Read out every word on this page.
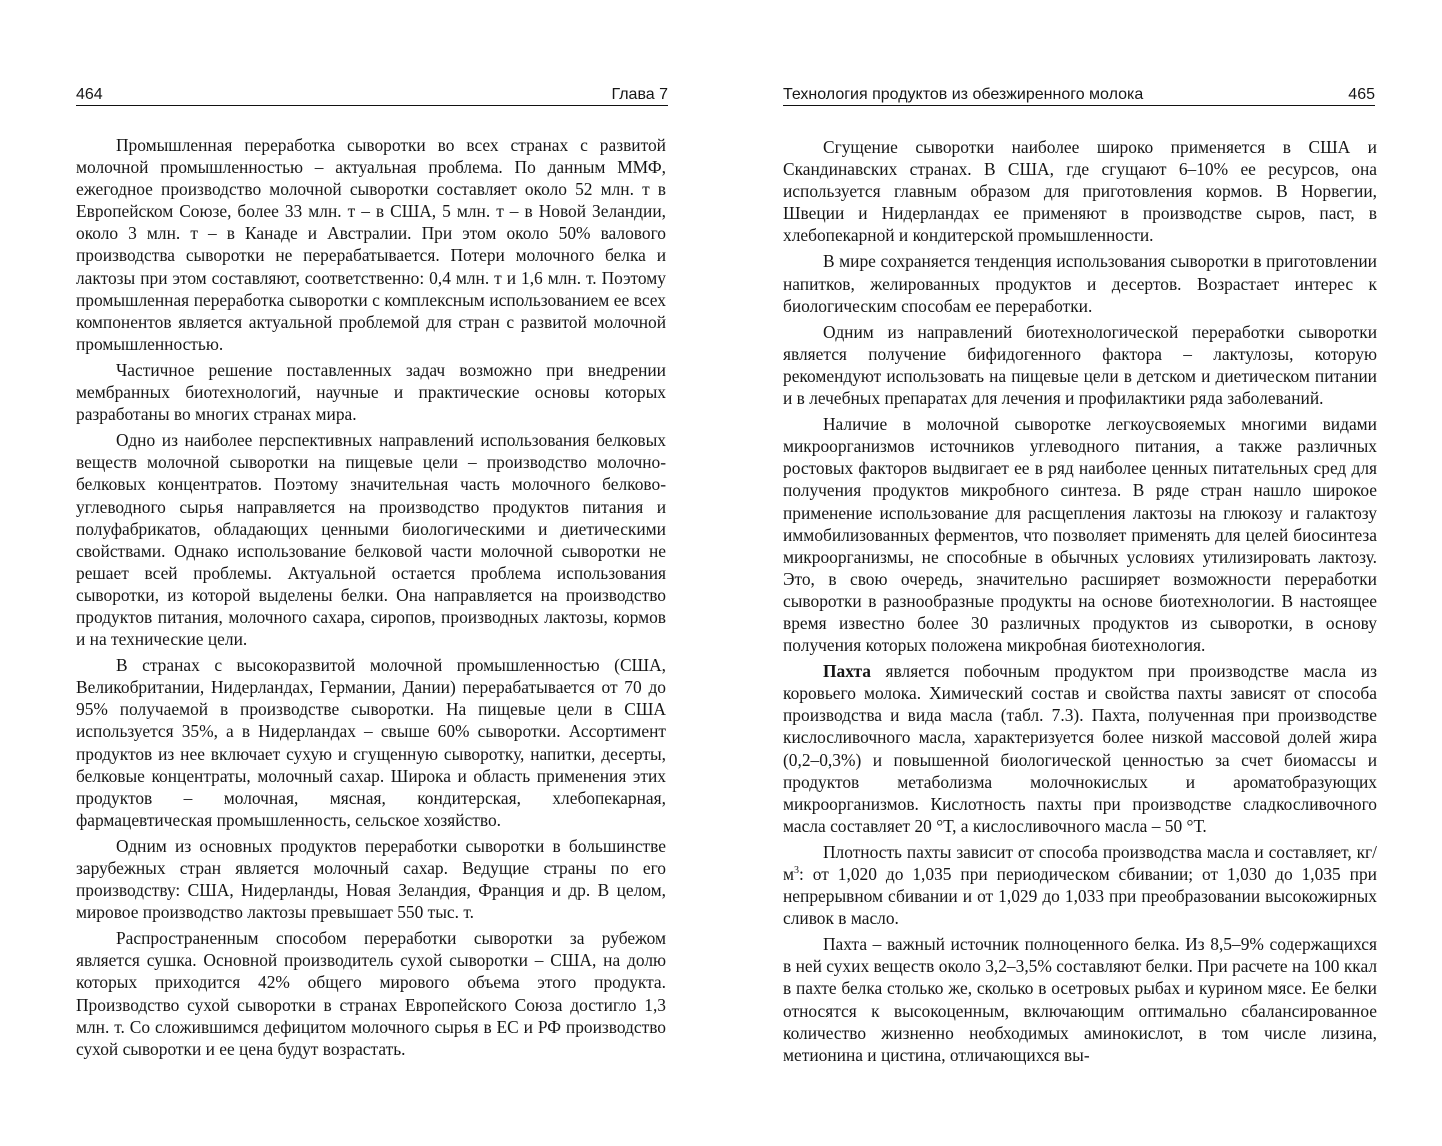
464	Глава 7

Промышленная переработка сыворотки во всех странах с развитой молочной промышленностью – актуальная проблема. По данным ММФ, ежегодное производство молочной сыворотки составляет около 52 млн. т в Европейском Союзе, более 33 млн. т – в США, 5 млн. т – в Новой Зеландии, около 3 млн. т – в Канаде и Австралии. При этом около 50% валового производства сыворотки не перерабатывается. Потери молочного белка и лактозы при этом составляют, соответственно: 0,4 млн. т и 1,6 млн. т. Поэтому промышленная переработка сыворотки с комплексным использованием ее всех компонентов является актуальной проблемой для стран с развитой молочной промышленностью.

Частичное решение поставленных задач возможно при внедрении мембранных биотехнологий, научные и практические основы которых разработаны во многих странах мира.

Одно из наиболее перспективных направлений использования белковых веществ молочной сыворотки на пищевые цели – производство молочно-белковых концентратов. Поэтому значительная часть молочного белково-углеводного сырья направляется на производство продуктов питания и полуфабрикатов, обладающих ценными биологическими и диетическими свойствами. Однако использование белковой части молочной сыворотки не решает всей проблемы. Актуальной остается проблема использования сыворотки, из которой выделены белки. Она направляется на производство продуктов питания, молочного сахара, сиропов, производных лактозы, кормов и на технические цели.

В странах с высокоразвитой молочной промышленностью (США, Великобритании, Нидерландах, Германии, Дании) перерабатывается от 70 до 95% получаемой в производстве сыворотки. На пищевые цели в США используется 35%, а в Нидерландах – свыше 60% сыворотки. Ассортимент продуктов из нее включает сухую и сгущенную сыворотку, напитки, десерты, белковые концентраты, молочный сахар. Широка и область применения этих продуктов – молочная, мясная, кондитерская, хлебопекарная, фармацевтическая промышленность, сельское хозяйство.

Одним из основных продуктов переработки сыворотки в большинстве зарубежных стран является молочный сахар. Ведущие страны по его производству: США, Нидерланды, Новая Зеландия, Франция и др. В целом, мировое производство лактозы превышает 550 тыс. т.

Распространенным способом переработки сыворотки за рубежом является сушка. Основной производитель сухой сыворотки – США, на долю которых приходится 42% общего мирового объема этого продукта. Производство сухой сыворотки в странах Европейского Союза достигло 1,3 млн. т. Со сложившимся дефицитом молочного сырья в ЕС и РФ производство сухой сыворотки и ее цена будут возрастать.

Технология продуктов из обезжиренного молока	465

Сгущение сыворотки наиболее широко применяется в США и Скандинавских странах. В США, где сгущают 6–10% ее ресурсов, она используется главным образом для приготовления кормов. В Норвегии, Швеции и Нидерландах ее применяют в производстве сыров, паст, в хлебопекарной и кондитерской промышленности.

В мире сохраняется тенденция использования сыворотки в приготовлении напитков, желированных продуктов и десертов. Возрастает интерес к биологическим способам ее переработки.

Одним из направлений биотехнологической переработки сыворотки является получение бифидогенного фактора – лактулозы, которую рекомендуют использовать на пищевые цели в детском и диетическом питании и в лечебных препаратах для лечения и профилактики ряда заболеваний.

Наличие в молочной сыворотке легкоусвояемых многими видами микроорганизмов источников углеводного питания, а также различных ростовых факторов выдвигает ее в ряд наиболее ценных питательных сред для получения продуктов микробного синтеза. В ряде стран нашло широкое применение использование для расщепления лактозы на глюкозу и галактозу иммобилизованных ферментов, что позволяет применять для целей биосинтеза микроорганизмы, не способные в обычных условиях утилизировать лактозу. Это, в свою очередь, значительно расширяет возможности переработки сыворотки в разнообразные продукты на основе биотехнологии. В настоящее время известно более 30 различных продуктов из сыворотки, в основу получения которых положена микробная биотехнология.

Пахта является побочным продуктом при производстве масла из коровьего молока. Химический состав и свойства пахты зависят от способа производства и вида масла (табл. 7.3). Пахта, полученная при производстве кислосливочного масла, характеризуется более низкой массовой долей жира (0,2–0,3%) и повышенной биологической ценностью за счет биомассы и продуктов метаболизма молочнокислых и ароматобразующих микроорганизмов. Кислотность пахты при производстве сладкосливочного масла составляет 20 °Т, а кислосливочного масла – 50 °Т.

Плотность пахты зависит от способа производства масла и составляет, $кг/м^3$: от 1,020 до 1,035 при периодическом сбивании; от 1,030 до 1,035 при непрерывном сбивании и от 1,029 до 1,033 при преобразовании высокожирных сливок в масло.

Пахта – важный источник полноценного белка. Из 8,5–9% содержащихся в ней сухих веществ около 3,2–3,5% составляют белки. При расчете на 100 ккал в пахте белка столько же, сколько в осетровых рыбах и курином мясе. Ее белки относятся к высокоценным, включающим оптимально сбалансированное количество жизненно необходимых аминокислот, в том числе лизина, метионина и цистина, отличающихся вы-
